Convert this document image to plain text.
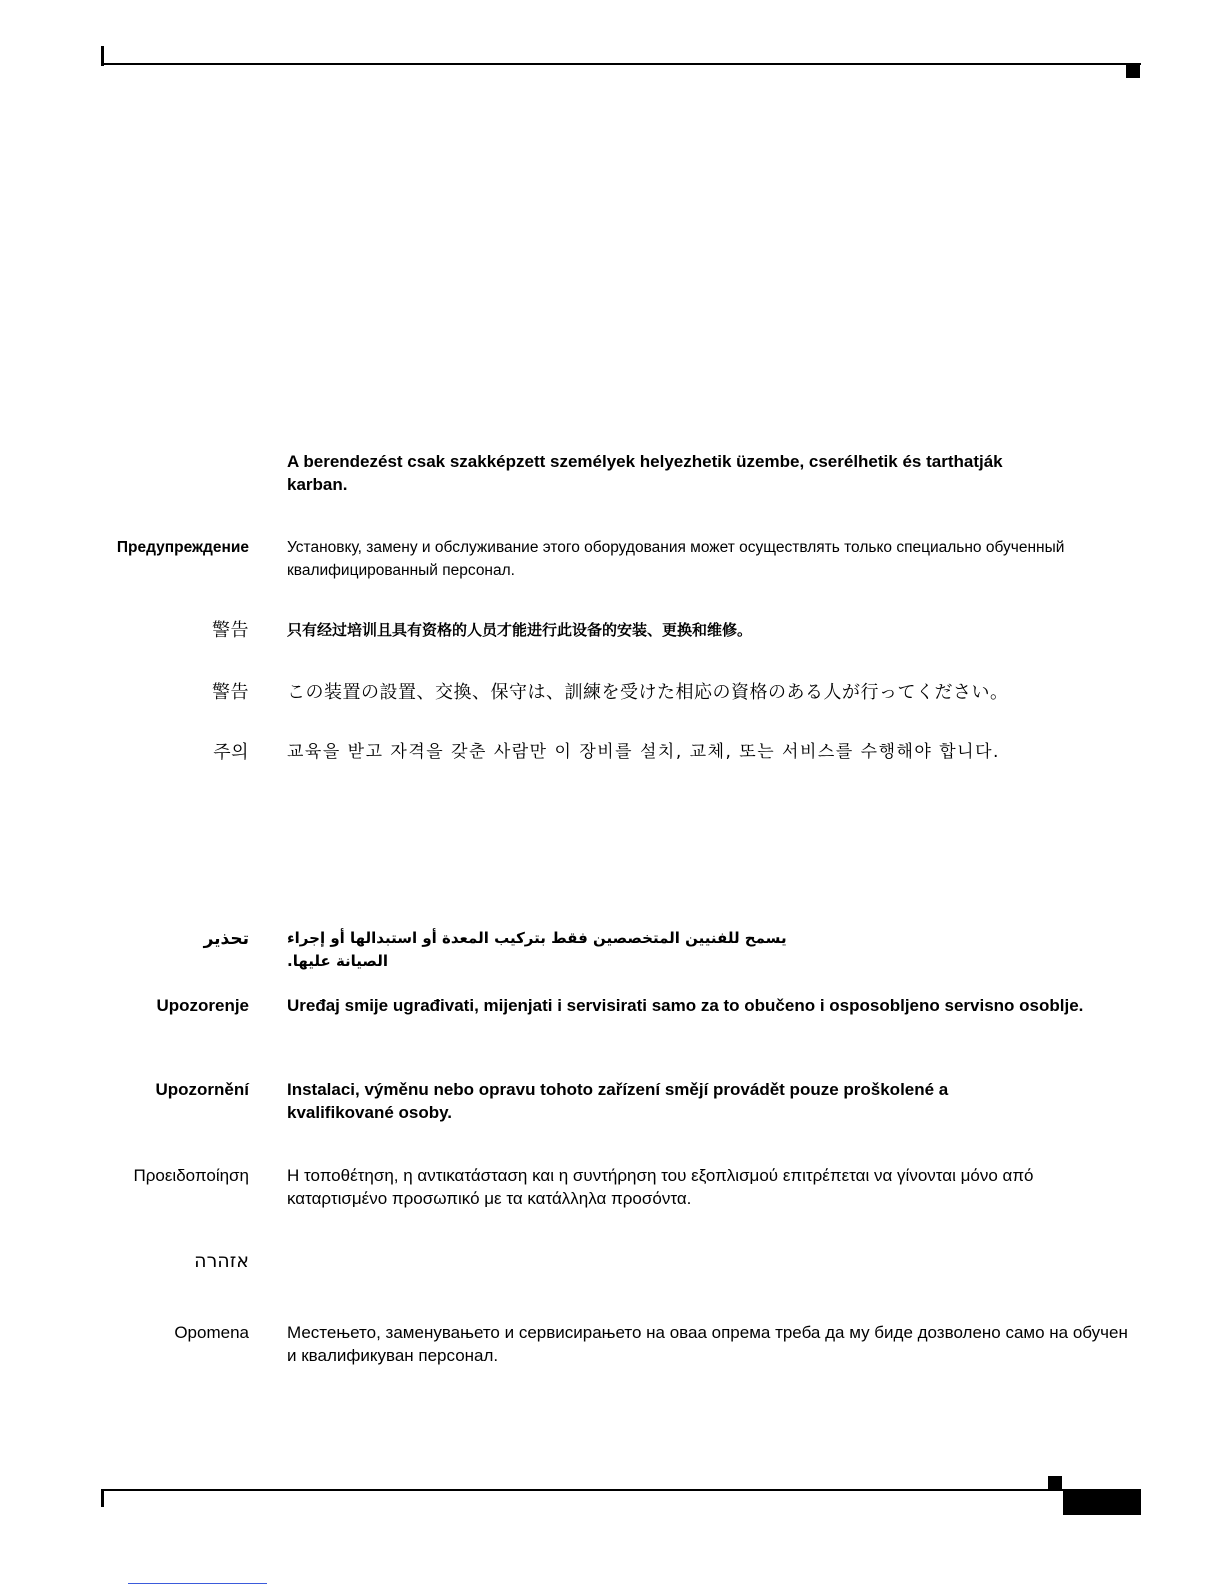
A berendezést csak szakképzett személyek helyezhetik üzembe, cserélhetik és tarthatják karban.
Предупреждение Установку, замену и обслуживание этого оборудования может осуществлять только специально обученный квалифицированный персонал.
警告	只有经过培训且具有资格的人员才能进行此设备的安装、更换和维修。
警告 この装置の設置、交換、保守は、訓練を受けた相応の資格のある人が行ってください。
주의 교육을 받고 자격을 갖춘 사람만 이 장비를 설치, 교체, 또는 서비스를 수행해야 합니다.
تحذير	يسمح للفنيين المتخصصين فقط بتركيب المعدة أو استبدالها أو إجراء الصيانة عليها.
Upozorenje Uređaj smije ugrađivati, mijenjati i servisirati samo za to obučeno i osposobljeno servisno osoblje.
Upozornění Instalaci, výměnu nebo opravu tohoto zařízení smějí provádět pouze proškolené a kvalifikované osoby.
Προειδοποίηση Η τοποθέτηση, η αντικατάσταση και η συντήρηση του εξοπλισμού επιτρέπεται να γίνονται μόνο από καταρτισμένο προσωπικό με τα κατάλληλα προσόντα.
אזהרה
Opomena Местењето, заменувањето и сервисирањето на оваа опрема треба да му биде дозволено само на обучен и квалификуван персонал.
